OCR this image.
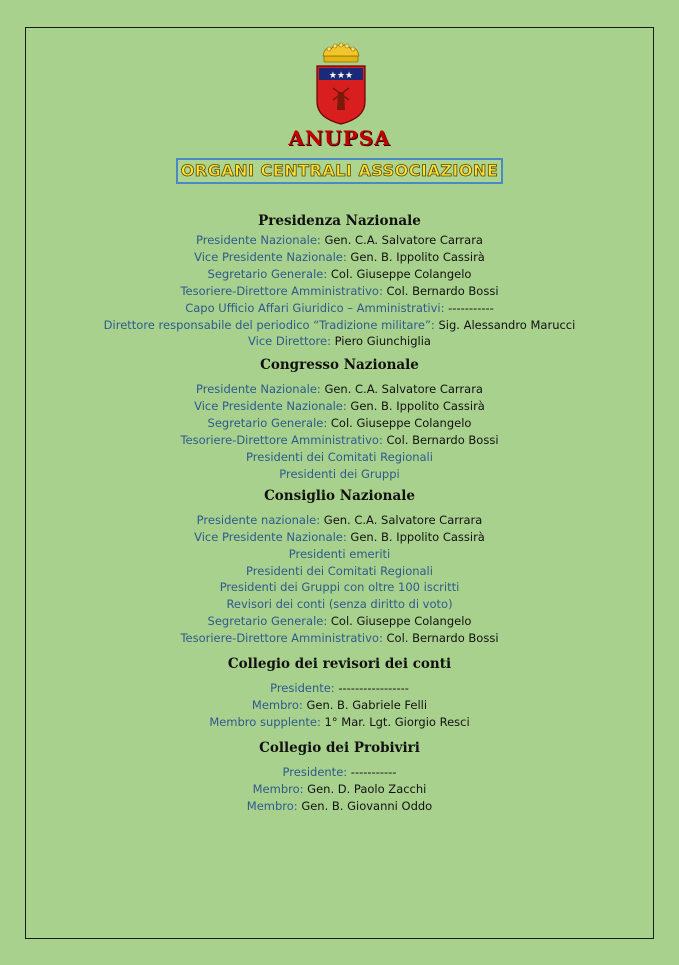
★★★
ANUPSA
ORGANI CENTRALI ASSOCIAZIONE
Presidenza Nazionale
Presidente Nazionale: Gen. C.A. Salvatore Carrara
Vice Presidente Nazionale: Gen. B. Ippolito Cassirà
Segretario Generale: Col. Giuseppe Colangelo
Tesoriere-Direttore Amministrativo: Col. Bernardo Bossi
Capo Ufficio Affari Giuridico – Amministrativi: -----------
Direttore responsabile del periodico “Tradizione militare”: Sig. Alessandro Marucci
Vice Direttore: Piero Giunchiglia
Congresso Nazionale
Presidente Nazionale: Gen. C.A. Salvatore Carrara
Vice Presidente Nazionale: Gen. B. Ippolito Cassirà
Segretario Generale: Col. Giuseppe Colangelo
Tesoriere-Direttore Amministrativo: Col. Bernardo Bossi
Presidenti dei Comitati Regionali
Presidenti dei Gruppi
Consiglio Nazionale
Presidente nazionale: Gen. C.A. Salvatore Carrara
Vice Presidente Nazionale: Gen. B. Ippolito Cassirà
Presidenti emeriti
Presidenti dei Comitati Regionali
Presidenti dei Gruppi con oltre 100 iscritti
Revisori dei conti (senza diritto di voto)
Segretario Generale: Col. Giuseppe Colangelo
Tesoriere-Direttore Amministrativo: Col. Bernardo Bossi
Collegio dei revisori dei conti
Presidente: -----------------
Membro: Gen. B. Gabriele Felli
Membro supplente: 1° Mar. Lgt. Giorgio Resci
Collegio dei Probiviri
Presidente: -----------
Membro: Gen. D. Paolo Zacchi
Membro: Gen. B. Giovanni Oddo
